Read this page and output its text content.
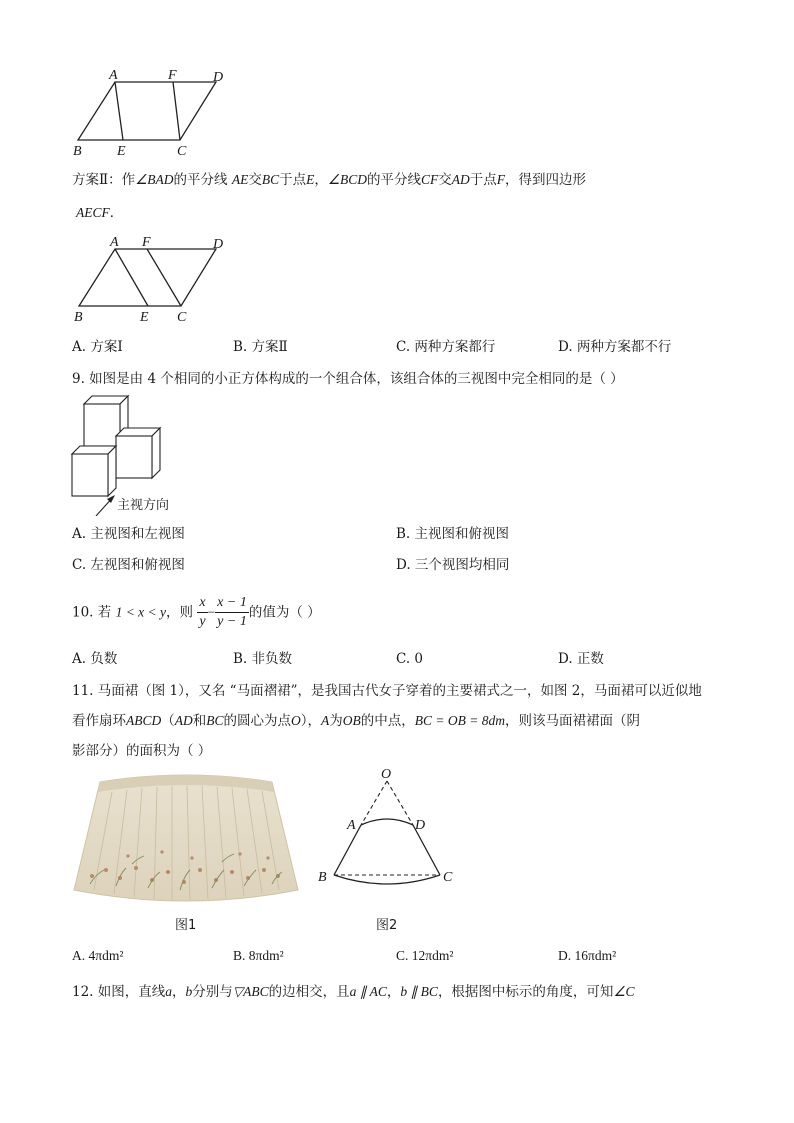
A	F	D
B	E	C
方案Ⅱ：作∠BAD的平分线 AE交BC于点E，∠BCD的平分线CF交AD于点F，得到四边形
AECF．
A F	D
B	E C
A. 方案Ⅰ	B. 方案Ⅱ	C. 两种方案都行	D. 两种方案都不行
9. 如图是由 4 个相同的小正方体构成的一个组合体，该组合体的三视图中完全相同的是（ ）
主视方向
A. 主视图和左视图	B. 主视图和俯视图
C. 左视图和俯视图	D. 三个视图均相同
10. 若 1 < x < y，则 $\frac{x}{y} - \frac{x - 1}{y - 1}$ 的值为（ ）
A. 负数	B. 非负数	C. 0	D. 正数
11. 马面裙（图 1），又名 “马面褶裙”，是我国古代女子穿着的主要裙式之一，如图 2，马面裙可以近似地
看作扇环ABCD（AD和BC的圆心为点O），A为OB的中点，BC = OB = 8dm，则该马面裙裙面（阴
影部分）的面积为（ ）
图1
O
A	D
B	C
图2
A. 4πdm²	B. 8πdm²	C. 12πdm²	D. 16πdm²
12. 如图，直线a，b分别与▽ABC的边相交，且a ∥ AC，b ∥ BC，根据图中标示的角度，可知∠C
